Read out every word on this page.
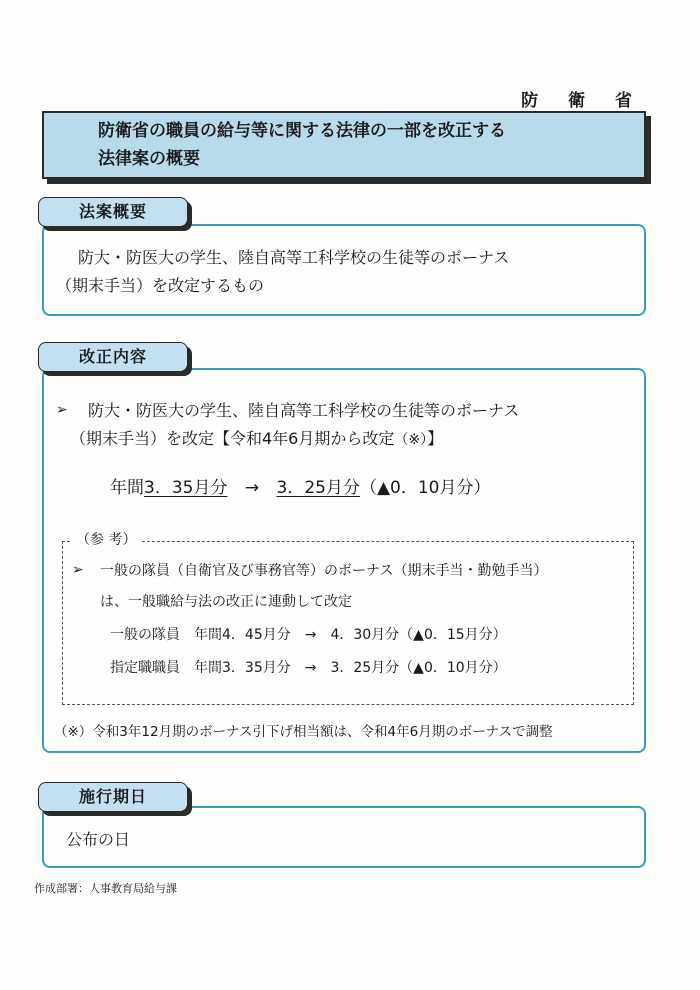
防 衛 省
防衛省の職員の給与等に関する法律の一部を改正する
法律案の概要
法案概要
防大・防医大の学生、陸自高等工科学校の生徒等のボーナス
（期末手当）を改定するもの
改正内容
➢ 防大・防医大の学生、陸自高等工科学校の生徒等のボーナス
（期末手当）を改定【令和4年6月期から改定（※）】
年間3．35月分 → 3．25月分（▲0．10月分）
（参 考）
➢ 一般の隊員（自衛官及び事務官等）のボーナス（期末手当・勤勉手当）
は、一般職給与法の改正に連動して改定
一般の隊員　年間4．45月分　→　4．30月分（▲0．15月分）
指定職職員　年間3．35月分　→　3．25月分（▲0．10月分）
（※）令和3年12月期のボーナス引下げ相当額は、令和4年6月期のボーナスで調整
施行期日
公布の日
作成部署：人事教育局給与課
